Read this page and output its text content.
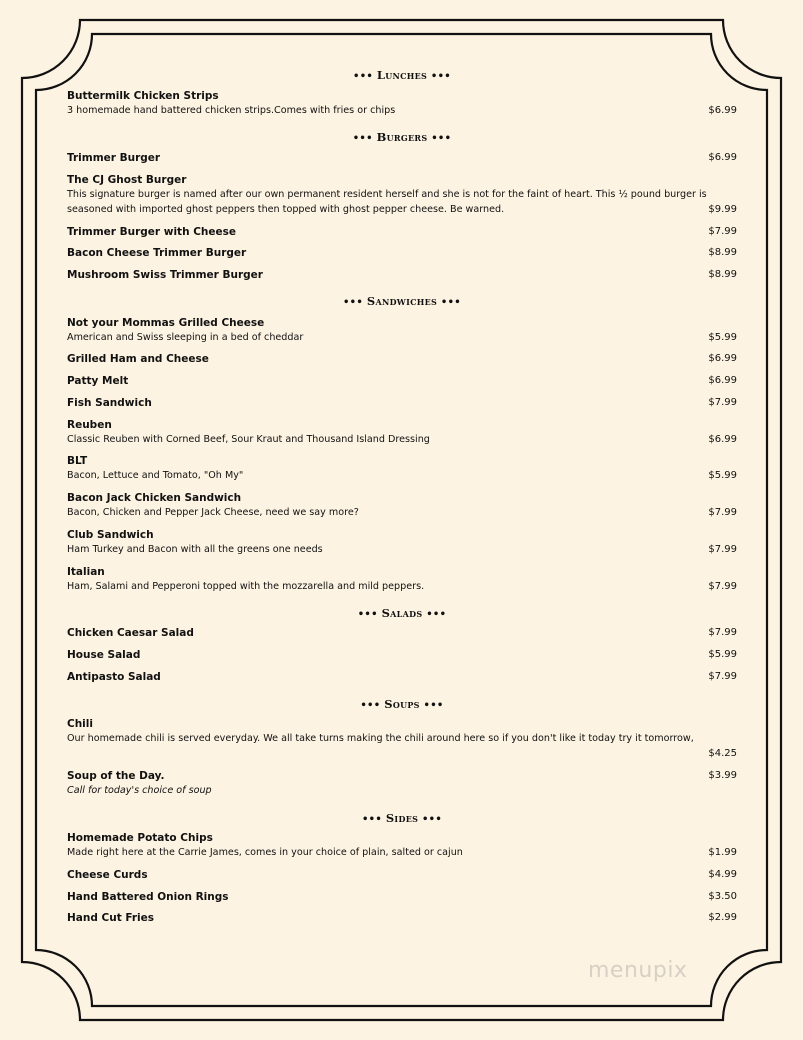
••• Lunches •••
Buttermilk Chicken Strips
3 homemade hand battered chicken strips.Comes with fries or chips	$6.99
••• Burgers •••
Trimmer Burger	$6.99
The CJ Ghost Burger
This signature burger is named after our own permanent resident herself and she is not for the faint of heart. This ½ pound burger is
seasoned with imported ghost peppers then topped with ghost pepper cheese. Be warned.	$9.99
Trimmer Burger with Cheese	$7.99
Bacon Cheese Trimmer Burger	$8.99
Mushroom Swiss Trimmer Burger	$8.99
••• Sandwiches •••
Not your Mommas Grilled Cheese
American and Swiss sleeping in a bed of cheddar	$5.99
Grilled Ham and Cheese	$6.99
Patty Melt	$6.99
Fish Sandwich	$7.99
Reuben
Classic Reuben with Corned Beef, Sour Kraut and Thousand Island Dressing	$6.99
BLT
Bacon, Lettuce and Tomato, "Oh My"	$5.99
Bacon Jack Chicken Sandwich
Bacon, Chicken and Pepper Jack Cheese, need we say more?	$7.99
Club Sandwich
Ham Turkey and Bacon with all the greens one needs	$7.99
Italian
Ham, Salami and Pepperoni topped with the mozzarella and mild peppers.	$7.99
••• Salads •••
Chicken Caesar Salad	$7.99
House Salad	$5.99
Antipasto Salad	$7.99
••• Soups •••
Chili
Our homemade chili is served everyday. We all take turns making the chili around here so if you don't like it today try it tomorrow,
$4.25
Soup of the Day.
Call for today's choice of soup
$3.99
••• Sides •••
Homemade Potato Chips
Made right here at the Carrie James, comes in your choice of plain, salted or cajun	$1.99
Cheese Curds	$4.99
Hand Battered Onion Rings	$3.50
Hand Cut Fries	$2.99
menupix
